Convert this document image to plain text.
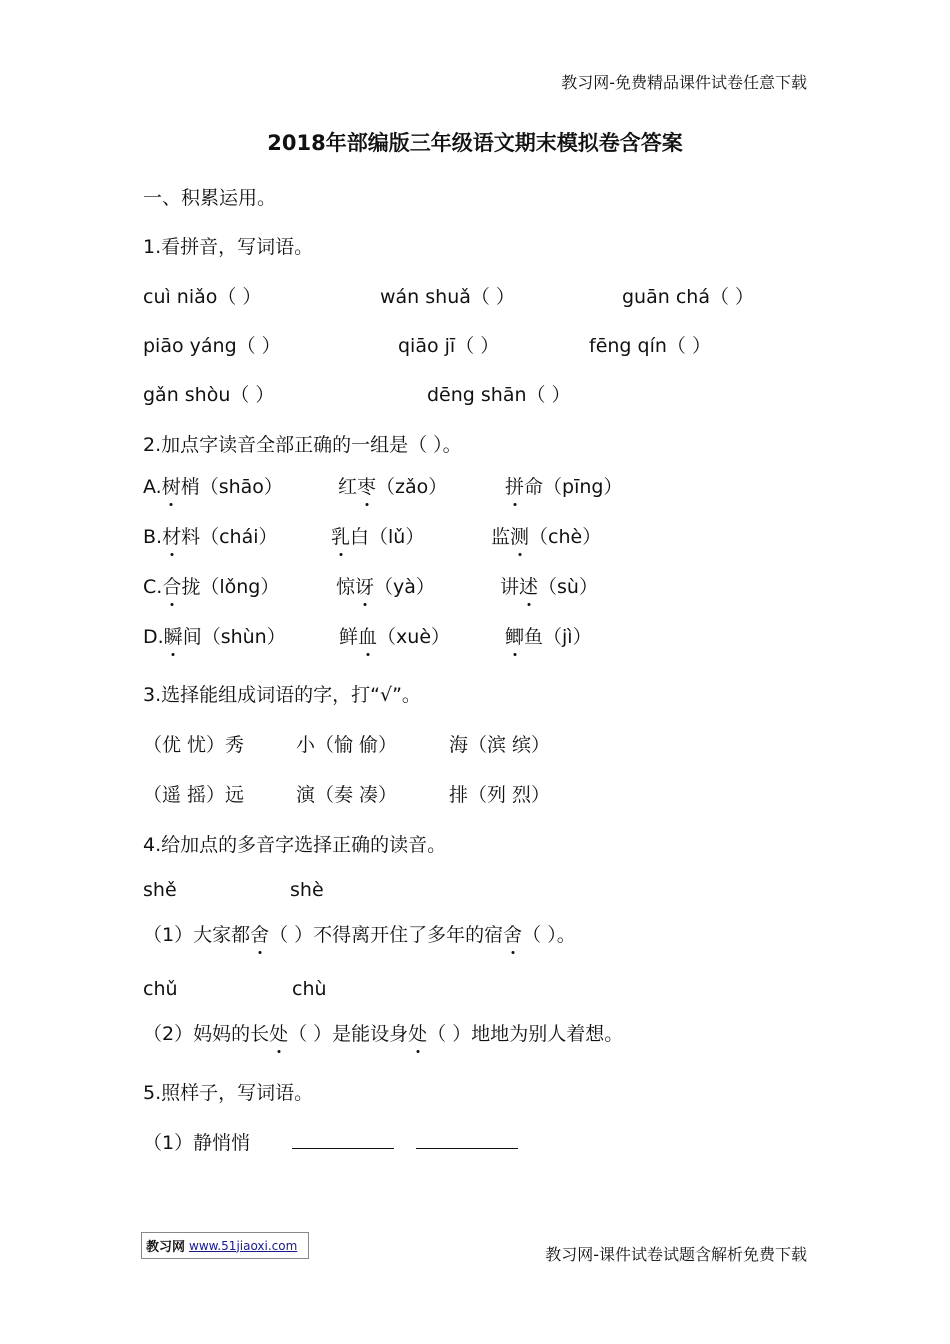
教习网-免费精品课件试卷任意下载
2018年部编版三年级语文期末模拟卷含答案
一、积累运用。
1.看拼音，写词语。
cuì niǎo（ ）	wán shuǎ（ ）	guān chá（ ）
piāo yáng（ ）	qiāo jī（ ）	fēng qín（ ）
gǎn shòu（ ）	dēng shān（ ）
2.加点字读音全部正确的一组是（ ）。
A.树梢（shāo）	红枣（zǎo）	拼命（pīng）
B.材料（chái）	乳白（lǔ）	监测（chè）
C.合拢（lǒng）	惊讶（yà）	讲述（sù）
D.瞬间（shùn）	鲜血（xuè）	鲫鱼（jì）
3.选择能组成词语的字，打“√”。
（优 忧）秀	小（愉 偷）	海（滨 缤）
（遥 摇）远	演（奏 凑）	排（列 烈）
4.给加点的多音字选择正确的读音。
shě	shè
（1）大家都舍（ ）不得离开住了多年的宿舍（ ）。
chǔ	chù
（2）妈妈的长处（ ）是能设身处（ ）地地为别人着想。
5.照样子，写词语。
（1）静悄悄
教习网 www.51jiaoxi.com	教习网-课件试卷试题含解析免费下载
